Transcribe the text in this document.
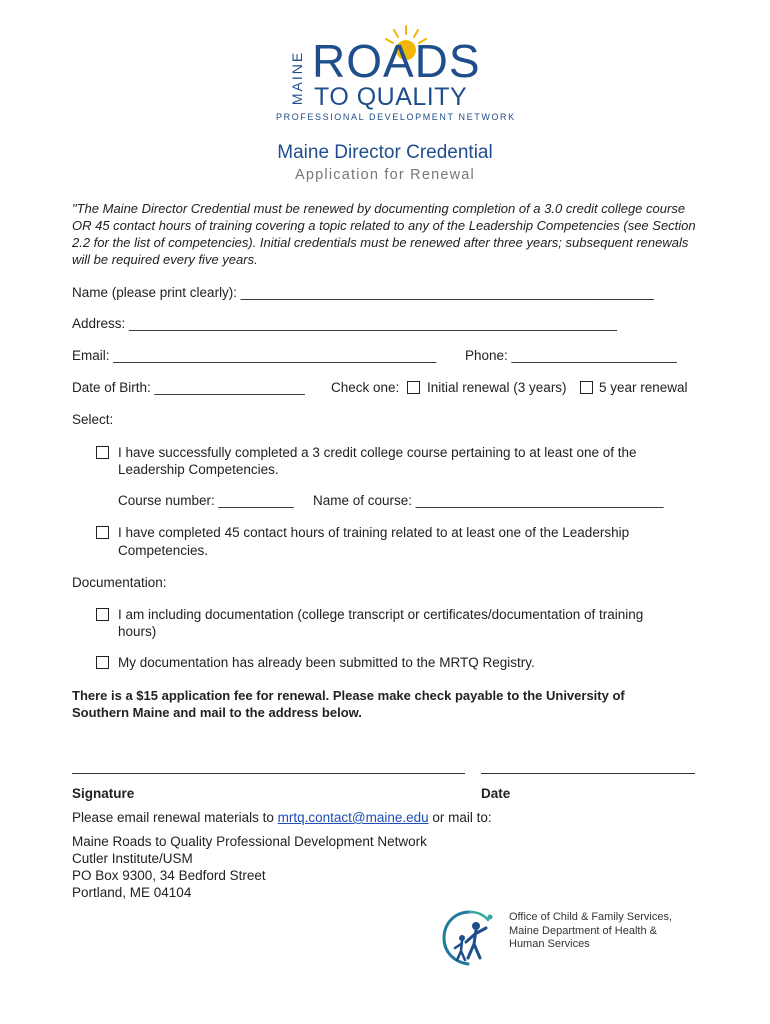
MAINE ROADS
TO QUALITY
PROFESSIONAL DEVELOPMENT NETWORK
Maine Director Credential
Application for Renewal
"The Maine Director Credential must be renewed by documenting completion of a 3.0 credit college course OR 45 contact hours of training covering a topic related to any of the Leadership Competencies (see Section 2.2 for the list of competencies). Initial credentials must be renewed after three years; subsequent renewals will be required every five years.
Name (please print clearly): _______________________________________________________
Address: _________________________________________________________________
Email: ___________________________________________ Phone: ______________________
Date of Birth: ____________________ Check one: Initial renewal (3 years) 5 year renewal
Select:
I have successfully completed a 3 credit college course pertaining to at least one of the
Leadership Competencies.
Course number: __________ Name of course: _________________________________
I have completed 45 contact hours of training related to at least one of the Leadership
Competencies.
Documentation:
I am including documentation (college transcript or certificates/documentation of training
hours)
My documentation has already been submitted to the MRTQ Registry.
There is a $15 application fee for renewal. Please make check payable to the University of
Southern Maine and mail to the address below.
Signature	Date
Please email renewal materials to mrtq.contact@maine.edu or mail to:
Maine Roads to Quality Professional Development Network
Cutler Institute/USM
PO Box 9300, 34 Bedford Street
Portland, ME 04104
Office of Child & Family Services,
Maine Department of Health &
Human Services
